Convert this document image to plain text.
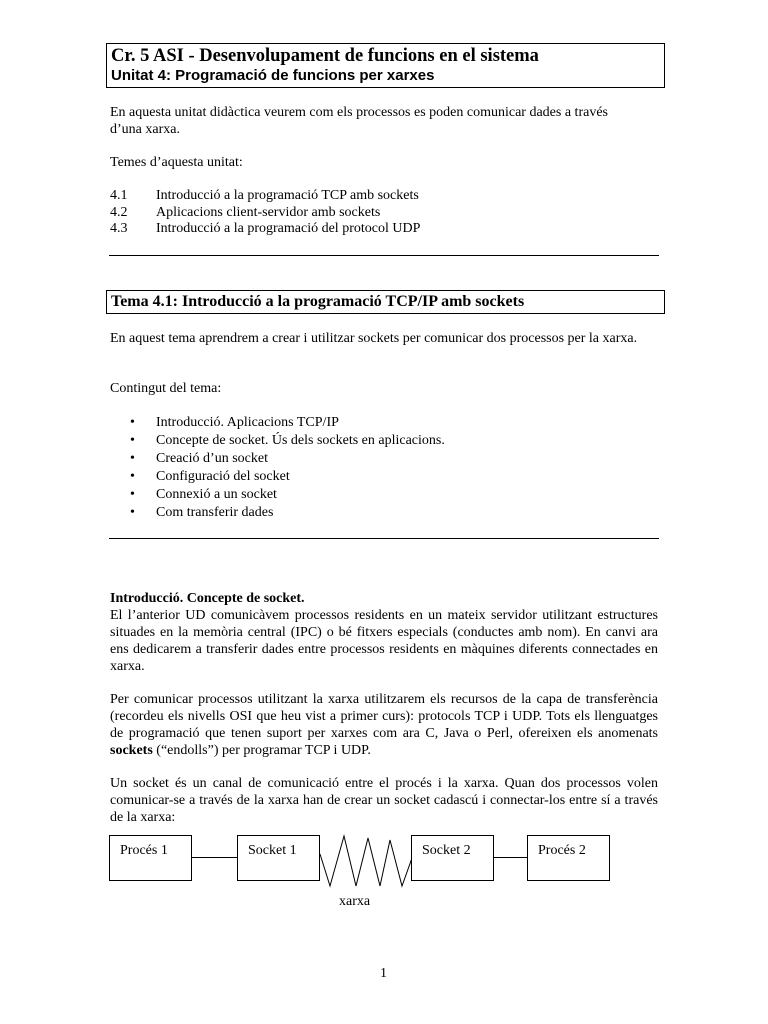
Cr. 5 ASI - Desenvolupament de funcions en el sistema
Unitat 4: Programació de funcions per xarxes
En aquesta unitat didàctica veurem com els processos es poden comunicar dades a través d’una xarxa.
Temes d’aquesta unitat:
4.1 Introducció a la programació TCP amb sockets
4.2 Aplicacions client-servidor amb sockets
4.3 Introducció a la programació del protocol UDP
Tema 4.1: Introducció a la programació TCP/IP amb sockets
En aquest tema aprendrem a crear i utilitzar sockets per comunicar dos processos per la xarxa.
Contingut del tema:
• Introducció. Aplicacions TCP/IP
• Concepte de socket. Ús dels sockets en aplicacions.
• Creació d’un socket
• Configuració del socket
• Connexió a un socket
• Com transferir dades
Introducció. Concepte de socket.
El l’anterior UD comunicàvem processos residents en un mateix servidor utilitzant estructures situades en la memòria central (IPC) o bé fitxers especials (conductes amb nom). En canvi ara ens dedicarem a transferir dades entre processos residents en màquines diferents connectades en xarxa.
Per comunicar processos utilitzant la xarxa utilitzarem els recursos de la capa de transferència (recordeu els nivells OSI que heu vist a primer curs): protocols TCP i UDP. Tots els llenguatges de programació que tenen suport per xarxes com ara C, Java o Perl, ofereixen els anomenats sockets (“endolls”) per programar TCP i UDP.
Un socket és un canal de comunicació entre el procés i la xarxa. Quan dos processos volen comunicar-se a través de la xarxa han de crear un socket cadascú i connectar-los entre sí a través de la xarxa:
Procés 1	Socket 1	Socket 2	Procés 2
xarxa
1
